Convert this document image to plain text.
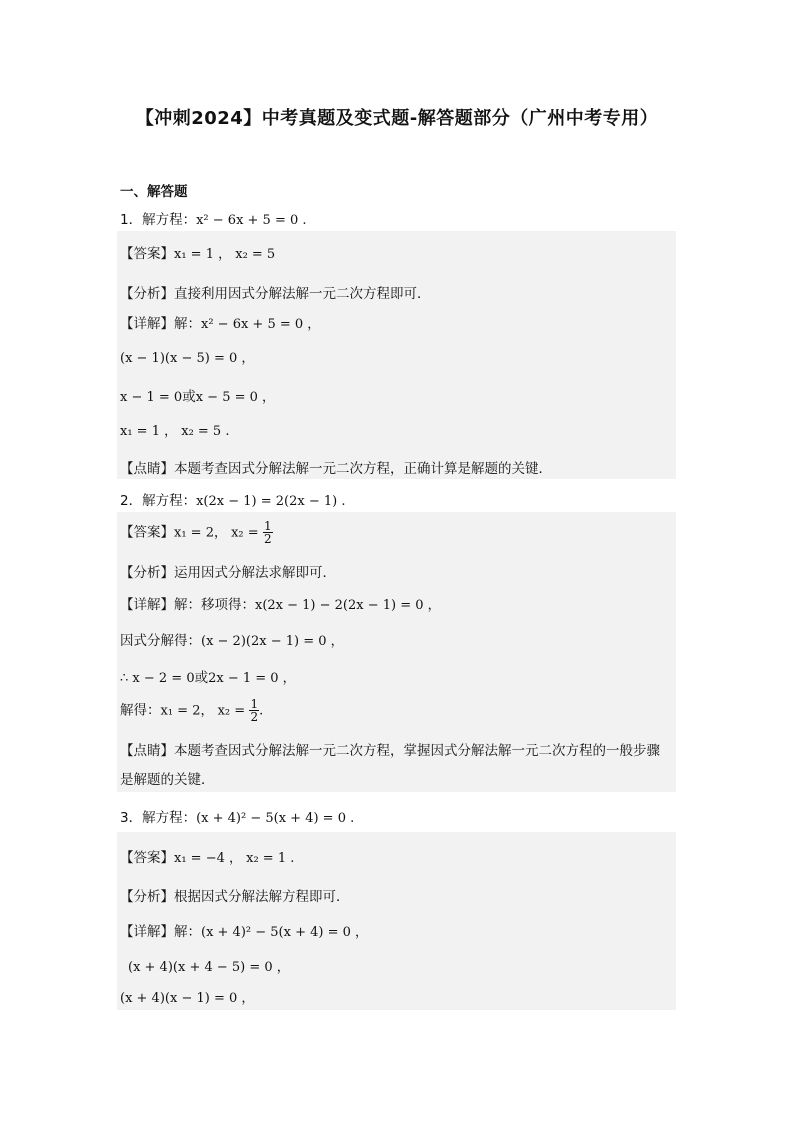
【冲刺2024】中考真题及变式题-解答题部分（广州中考专用）
一、解答题
1．解方程：x² − 6x + 5 = 0 .
【答案】x₁ = 1 ， x₂ = 5
【分析】直接利用因式分解法解一元二次方程即可．
【详解】解：x² − 6x + 5 = 0 ，
(x − 1)(x − 5) = 0 ，
x − 1 = 0或x − 5 = 0 ，
x₁ = 1 ， x₂ = 5 .
【点睛】本题考查因式分解法解一元二次方程，正确计算是解题的关键．
2．解方程：x(2x − 1) = 2(2x − 1) .
【答案】x₁ = 2， $x_2 = \frac{1}{2}$
【分析】运用因式分解法求解即可．
【详解】解：移项得：x(2x − 1) − 2(2x − 1) = 0 ，
因式分解得：(x − 2)(2x − 1) = 0 ，
∴ x − 2 = 0或2x − 1 = 0 ，
解得：x₁ = 2， $x_2 = \frac{1}{2}$ .
【点睛】本题考查因式分解法解一元二次方程，掌握因式分解法解一元二次方程的一般步骤
是解题的关键．
3．解方程：(x + 4)² − 5(x + 4) = 0 .
【答案】x₁ = −4 ， x₂ = 1 .
【分析】根据因式分解法解方程即可．
【详解】解：(x + 4)² − 5(x + 4) = 0 ，
(x + 4)(x + 4 − 5) = 0 ，
(x + 4)(x − 1) = 0 ，
